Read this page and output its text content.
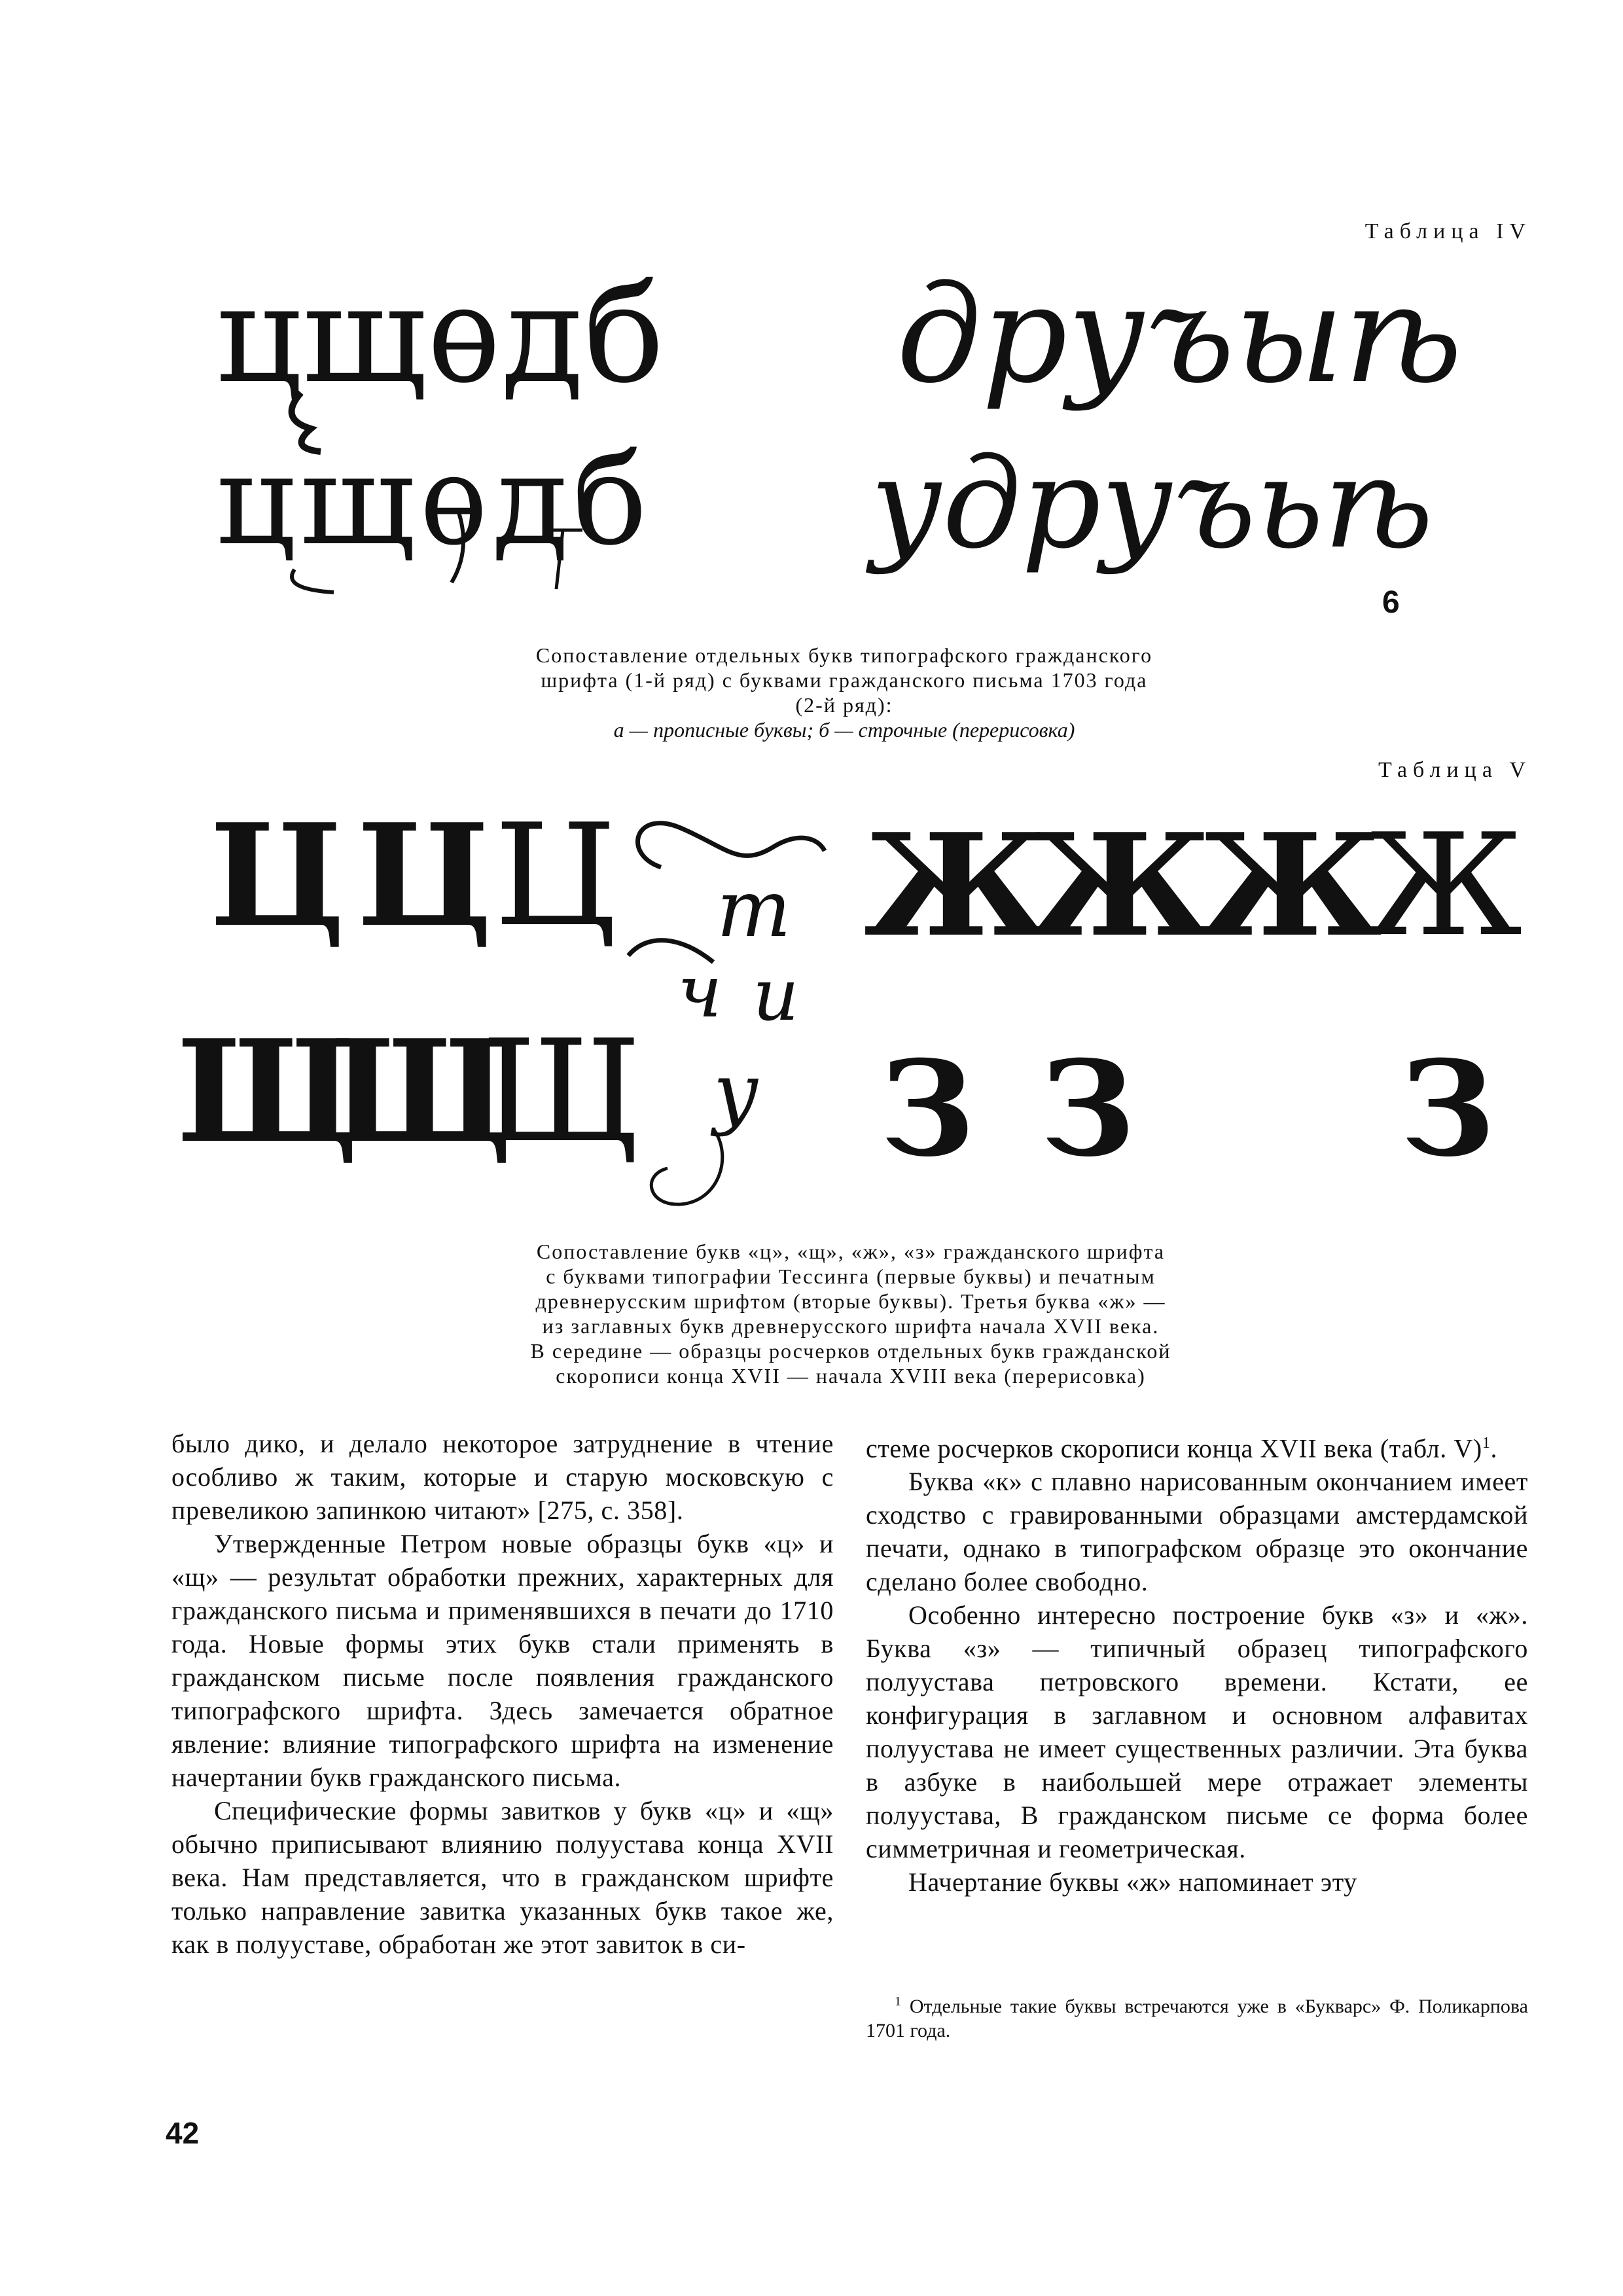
Таблица IV
цщѳдб друъыѣ
цщѳдб удруъьѣ
6
Сопоставление отдельных букв типографского гражданского
шрифта (1-й ряд) с буквами гражданского письма 1703 года
(2-й ряд):
а — прописные буквы; б — строчные (перерисовка)
Таблица V
Ц Ц Ц
Щ
Щ
Щ
Ж
Ж
Ж
Ж
З З З
т
ч и
у
Сопоставление букв «ц», «щ», «ж», «з» гражданского шрифта
с буквами типографии Тессинга (первые буквы) и печатным
древнерусским шрифтом (вторые буквы). Третья буква «ж» —
из заглавных букв древнерусского шрифта начала XVII века.
В середине — образцы росчерков отдельных букв гражданской
скорописи конца XVII — начала XVIII века (перерисовка)

было дико, и делало некоторое затруднение в чтение особливо ж таким, которые и старую московскую с превеликою запинкою читают» [275, с. 358].

Утвержденные Петром новые образцы букв «ц» и «щ» — результат обработки прежних, характерных для гражданского письма и применявшихся в печати до 1710 года. Новые формы этих букв стали применять в гражданском письме после появления гражданского типографского шрифта. Здесь замечается обратное явление: влияние типографского шрифта на изменение начертании букв гражданского письма.

Специфические формы завитков у букв «ц» и «щ» обычно приписывают влиянию полуустава конца XVII века. Нам представляется, что в гражданском шрифте только направление завитка указанных букв такое же, как в полууставе, обработан же этот завиток в си-

стеме росчерков скорописи конца XVII века (табл. V)$^1$.

Буква «к» с плавно нарисованным окончанием имеет сходство с гравированными образцами амстердамской печати, однако в типографском образце это окончание сделано более свободно.

Особенно интересно построение букв «з» и «ж». Буква «з» — типичный образец типографского полуустава петровского времени. Кстати, ее конфигурация в заглавном и основном алфавитах полуустава не имеет существенных различии. Эта буква в азбуке в наибольшей мере отражает элементы полуустава, В гражданском письме се форма более симметричная и геометрическая.

Начертание буквы «ж» напоминает эту

$^1$ Отдельные такие буквы встречаются уже в «Букварс» Ф. Поликарпова 1701 года.
42
